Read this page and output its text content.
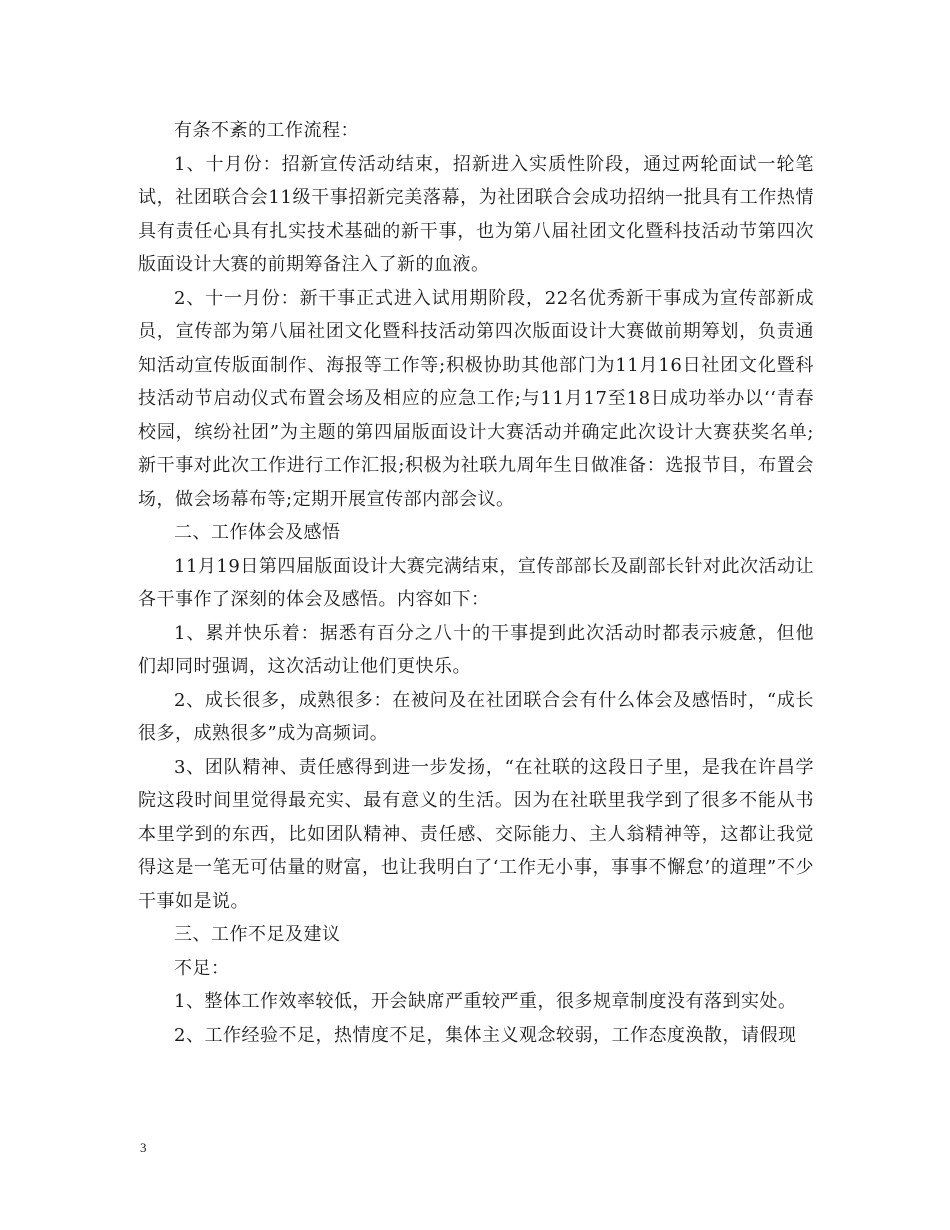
有条不紊的工作流程：

1、十月份：招新宣传活动结束，招新进入实质性阶段，通过两轮面试一轮笔试，社团联合会11级干事招新完美落幕，为社团联合会成功招纳一批具有工作热情具有责任心具有扎实技术基础的新干事，也为第八届社团文化暨科技活动节第四次版面设计大赛的前期筹备注入了新的血液。

2、十一月份：新干事正式进入试用期阶段，22名优秀新干事成为宣传部新成员，宣传部为第八届社团文化暨科技活动第四次版面设计大赛做前期筹划，负责通知活动宣传版面制作、海报等工作等;积极协助其他部门为11月16日社团文化暨科技活动节启动仪式布置会场及相应的应急工作;与11月17至18日成功举办以‘‘青春校园，缤纷社团”为主题的第四届版面设计大赛活动并确定此次设计大赛获奖名单;新干事对此次工作进行工作汇报;积极为社联九周年生日做准备：选报节目，布置会场，做会场幕布等;定期开展宣传部内部会议。

二、工作体会及感悟

11月19日第四届版面设计大赛完满结束，宣传部部长及副部长针对此次活动让各干事作了深刻的体会及感悟。内容如下：

1、累并快乐着：据悉有百分之八十的干事提到此次活动时都表示疲惫，但他们却同时强调，这次活动让他们更快乐。

2、成长很多，成熟很多：在被问及在社团联合会有什么体会及感悟时，“成长很多，成熟很多”成为高频词。

3、团队精神、责任感得到进一步发扬，“在社联的这段日子里，是我在许昌学院这段时间里觉得最充实、最有意义的生活。因为在社联里我学到了很多不能从书本里学到的东西，比如团队精神、责任感、交际能力、主人翁精神等，这都让我觉得这是一笔无可估量的财富，也让我明白了‘工作无小事，事事不懈怠’的道理”不少干事如是说。

三、工作不足及建议

不足：

1、整体工作效率较低，开会缺席严重较严重，很多规章制度没有落到实处。

2、工作经验不足，热情度不足，集体主义观念较弱，工作态度涣散，请假现

3
